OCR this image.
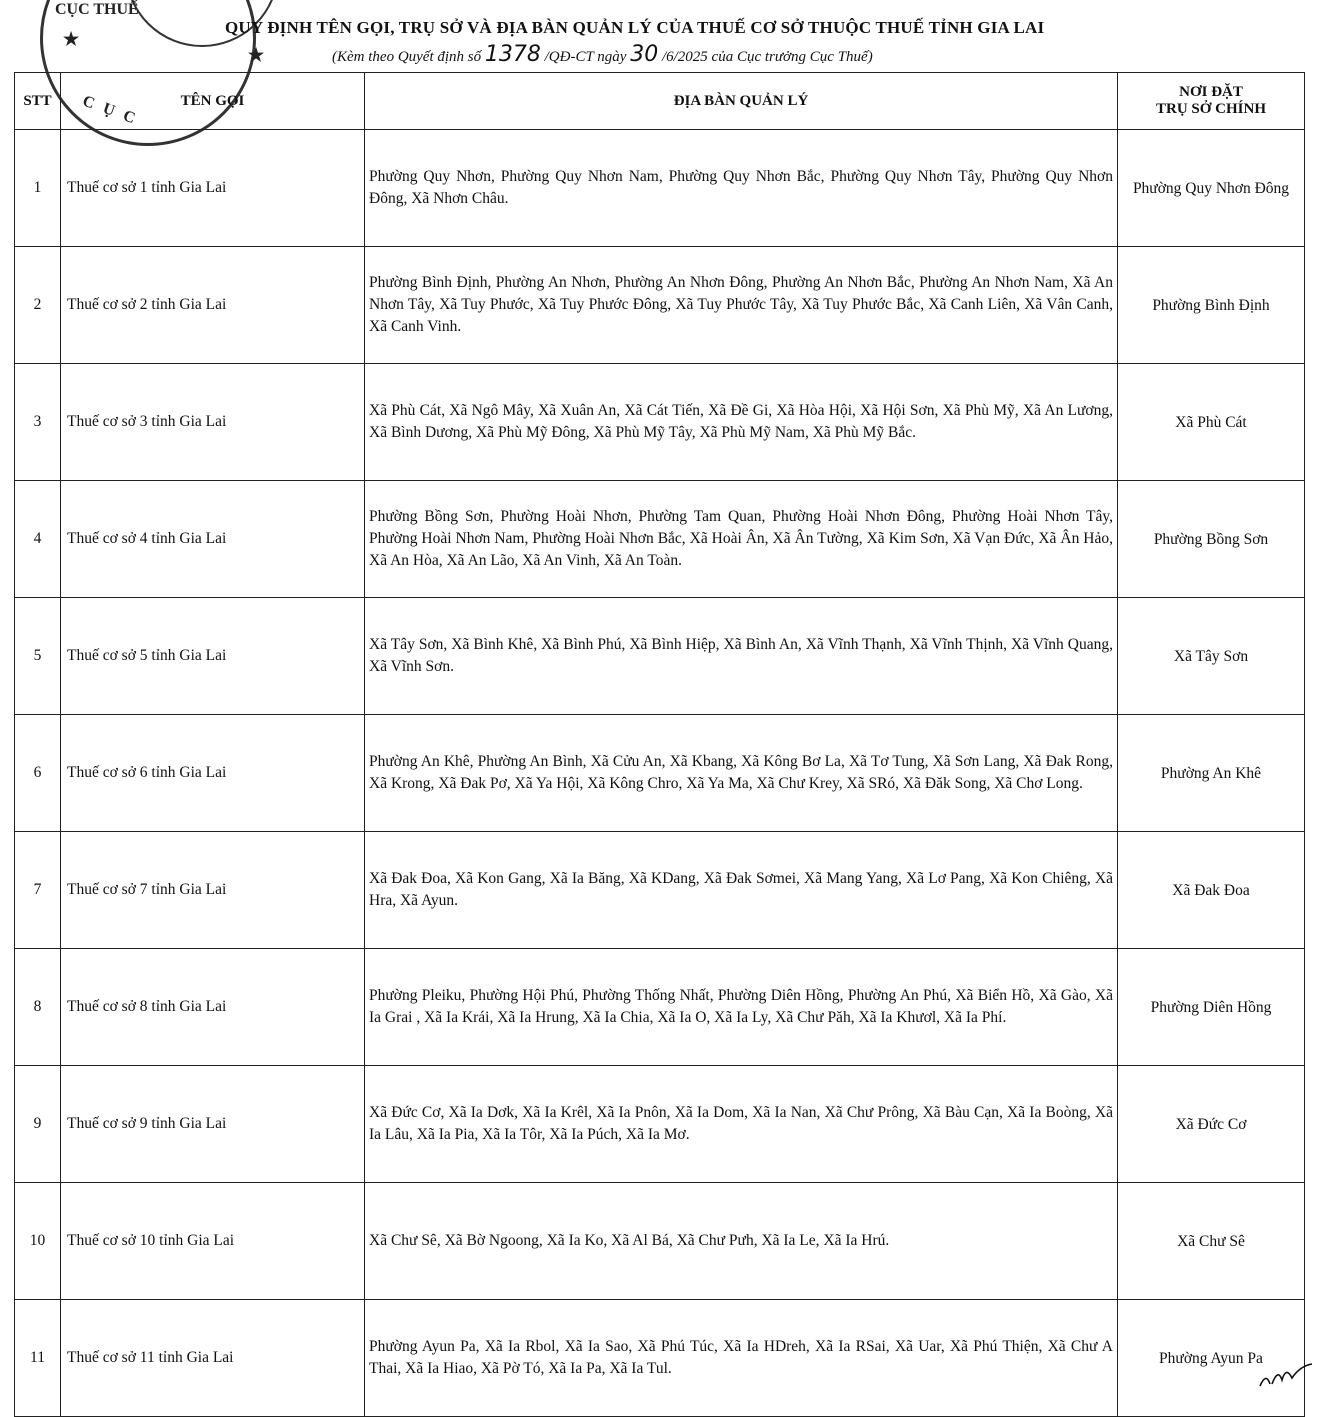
CỤC THUẾ
CỤC
★
★
QUY ĐỊNH TÊN GỌI, TRỤ SỞ VÀ ĐỊA BÀN QUẢN LÝ CỦA THUẾ CƠ SỞ THUỘC THUẾ TỈNH GIA LAI
(Kèm theo Quyết định số 1378 /QĐ-CT ngày 30 /6/2025 của Cục trưởng Cục Thuế)
STT	TÊN GỌI	ĐỊA BÀN QUẢN LÝ	NƠI ĐẶT
TRỤ SỞ CHÍNH
1	Thuế cơ sở 1 tỉnh Gia Lai	Phường Quy Nhơn, Phường Quy Nhơn Nam, Phường Quy Nhơn Bắc, Phường Quy Nhơn Tây, Phường Quy Nhơn Đông, Xã Nhơn Châu.	Phường Quy Nhơn Đông
2	Thuế cơ sở 2 tỉnh Gia Lai	Phường Bình Định, Phường An Nhơn, Phường An Nhơn Đông, Phường An Nhơn Bắc, Phường An Nhơn Nam, Xã An Nhơn Tây, Xã Tuy Phước, Xã Tuy Phước Đông, Xã Tuy Phước Tây, Xã Tuy Phước Bắc, Xã Canh Liên, Xã Vân Canh, Xã Canh Vinh.	Phường Bình Định
3	Thuế cơ sở 3 tỉnh Gia Lai	Xã Phù Cát, Xã Ngô Mây, Xã Xuân An, Xã Cát Tiến, Xã Đề Gi, Xã Hòa Hội, Xã Hội Sơn, Xã Phù Mỹ, Xã An Lương, Xã Bình Dương, Xã Phù Mỹ Đông, Xã Phù Mỹ Tây, Xã Phù Mỹ Nam, Xã Phù Mỹ Bắc.	Xã Phù Cát
4	Thuế cơ sở 4 tỉnh Gia Lai	Phường Bồng Sơn, Phường Hoài Nhơn, Phường Tam Quan, Phường Hoài Nhơn Đông, Phường Hoài Nhơn Tây, Phường Hoài Nhơn Nam, Phường Hoài Nhơn Bắc, Xã Hoài Ân, Xã Ân Tường, Xã Kim Sơn, Xã Vạn Đức, Xã Ân Hảo, Xã An Hòa, Xã An Lão, Xã An Vinh, Xã An Toàn.	Phường Bồng Sơn
5	Thuế cơ sở 5 tỉnh Gia Lai	Xã Tây Sơn, Xã Bình Khê, Xã Bình Phú, Xã Bình Hiệp, Xã Bình An, Xã Vĩnh Thạnh, Xã Vĩnh Thịnh, Xã Vĩnh Quang, Xã Vĩnh Sơn.	Xã Tây Sơn
6	Thuế cơ sở 6 tỉnh Gia Lai	Phường An Khê, Phường An Bình, Xã Cửu An, Xã Kbang, Xã Kông Bơ La, Xã Tơ Tung, Xã Sơn Lang, Xã Đak Rong, Xã Krong, Xã Đak Pơ, Xã Ya Hội, Xã Kông Chro, Xã Ya Ma, Xã Chư Krey, Xã SRó, Xã Đăk Song, Xã Chơ Long.	Phường An Khê
7	Thuế cơ sở 7 tỉnh Gia Lai	Xã Đak Đoa, Xã Kon Gang, Xã Ia Băng, Xã KDang, Xã Đak Sơmei, Xã Mang Yang, Xã Lơ Pang, Xã Kon Chiêng, Xã Hra, Xã Ayun.	Xã Đak Đoa
8	Thuế cơ sở 8 tỉnh Gia Lai	Phường Pleiku, Phường Hội Phú, Phường Thống Nhất, Phường Diên Hồng, Phường An Phú, Xã Biển Hồ, Xã Gào, Xã Ia Grai , Xã Ia Krái, Xã Ia Hrung, Xã Ia Chia, Xã Ia O, Xã Ia Ly, Xã Chư Păh, Xã Ia Khươl, Xã Ia Phí.	Phường Diên Hồng
9	Thuế cơ sở 9 tỉnh Gia Lai	Xã Đức Cơ, Xã Ia Dơk, Xã Ia Krêl, Xã Ia Pnôn, Xã Ia Dom, Xã Ia Nan, Xã Chư Prông, Xã Bàu Cạn, Xã Ia Boòng, Xã Ia Lâu, Xã Ia Pia, Xã Ia Tôr, Xã Ia Púch, Xã Ia Mơ.	Xã Đức Cơ
10	Thuế cơ sở 10 tỉnh Gia Lai	Xã Chư Sê, Xã Bờ Ngoong, Xã Ia Ko, Xã Al Bá, Xã Chư Pưh, Xã Ia Le, Xã Ia Hrú.	Xã Chư Sê
11	Thuế cơ sở 11 tỉnh Gia Lai	Phường Ayun Pa, Xã Ia Rbol, Xã Ia Sao, Xã Phú Túc, Xã Ia HDreh, Xã Ia RSai, Xã Uar, Xã Phú Thiện, Xã Chư A Thai, Xã Ia Hiao, Xã Pờ Tó, Xã Ia Pa, Xã Ia Tul.	Phường Ayun Pa
